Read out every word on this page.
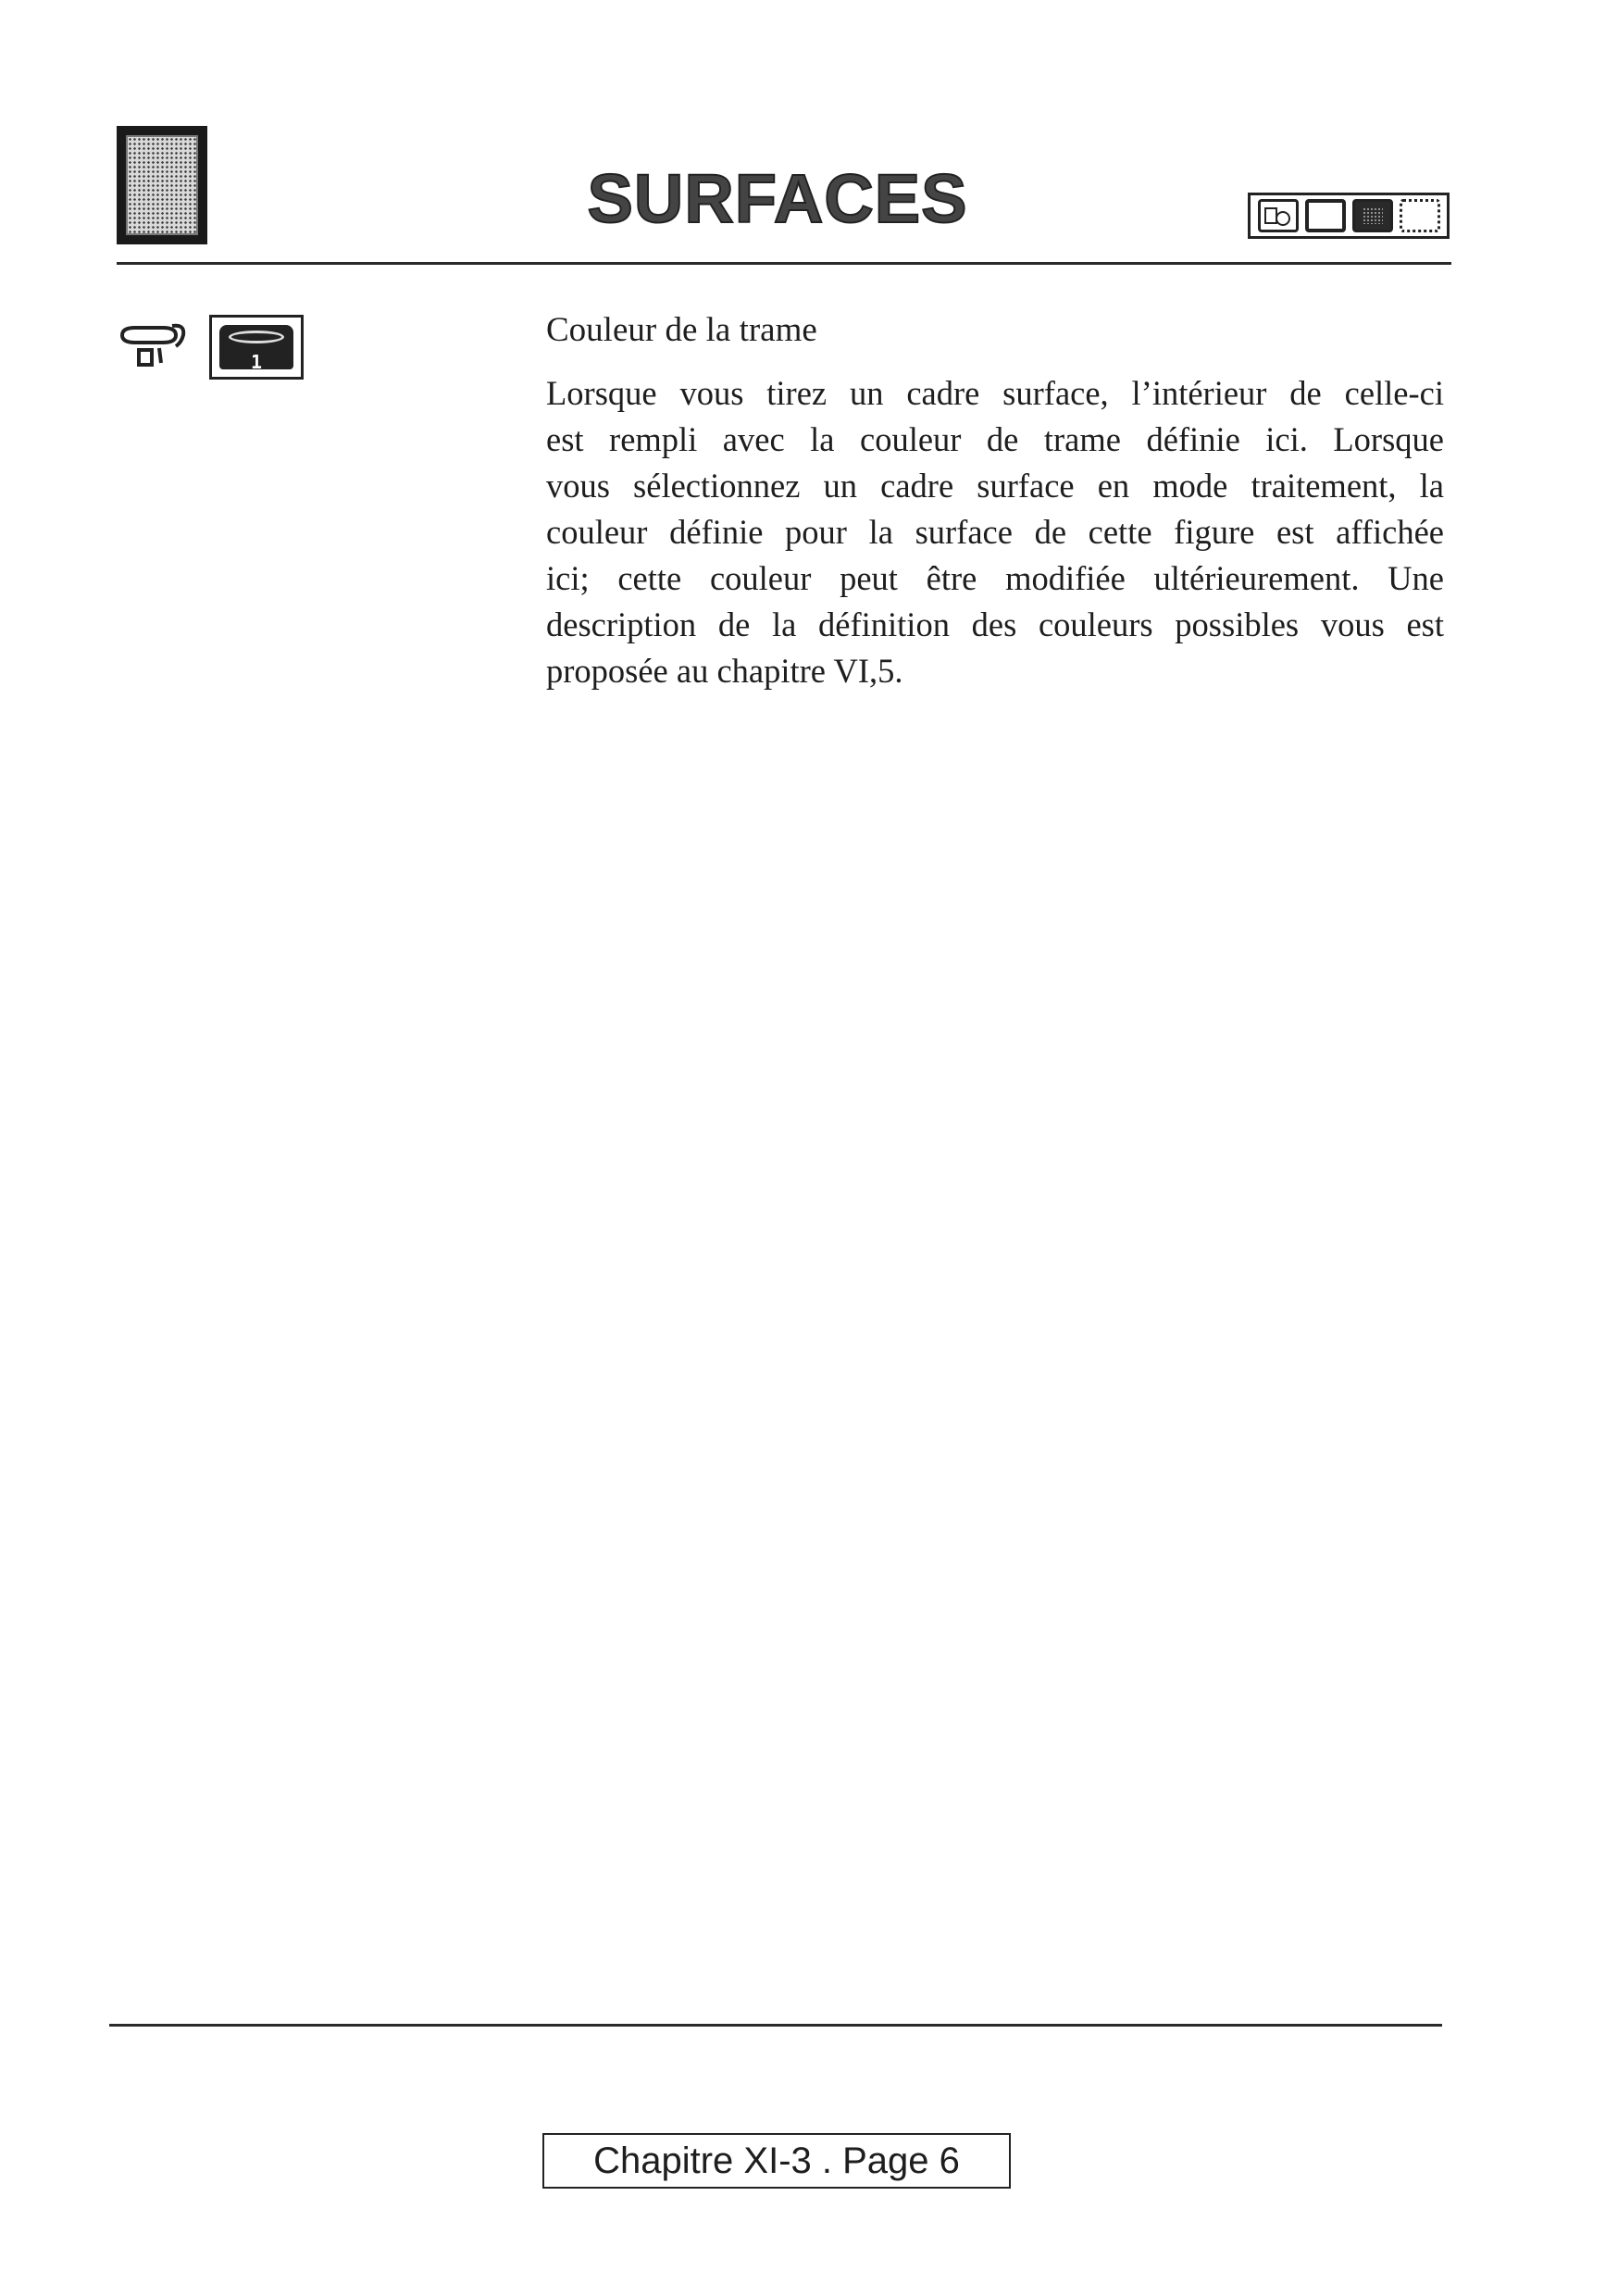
SURFACES
1
Couleur de la trame
Lorsque vous tirez un cadre surface, l’intérieur de celle-ci
est rempli avec la couleur de trame définie ici. Lorsque
vous sélectionnez un cadre surface en mode traitement, la
couleur définie pour la surface de cette figure est affichée
ici; cette couleur peut être modifiée ultérieurement. Une
description de la définition des couleurs possibles vous est
proposée au chapitre VI,5.
Chapitre XI-3 . Page 6
